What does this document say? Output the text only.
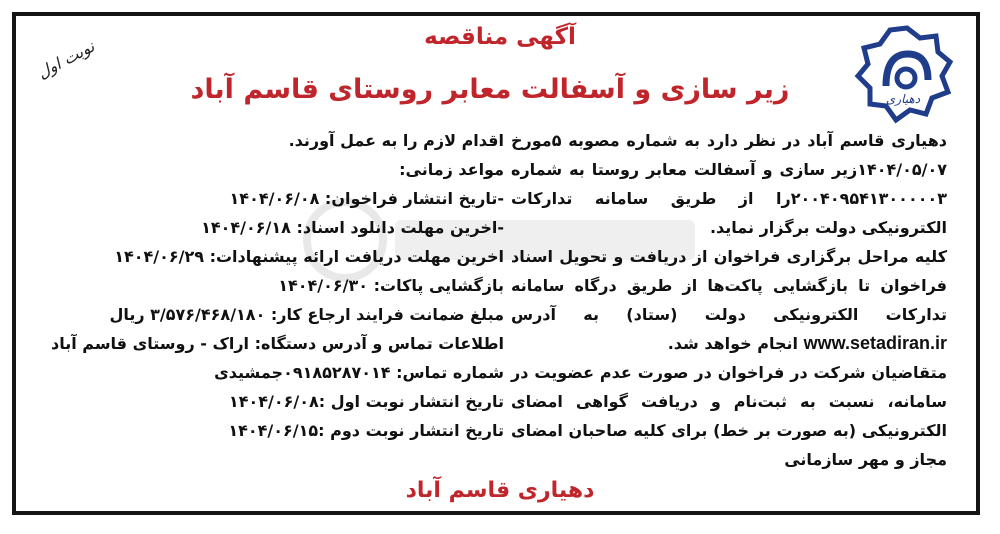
دهیاری
نوبت اول	آگهی مناقصه
زیر سازی و آسفالت معابر روستای قاسم آباد

دهیاری قاسم آباد در نظر دارد به شماره مصوبه ۵مورخ ۱۴۰۴/۰۵/۰۷زیر سازی و آسفالت معابر روستا به شماره ۲۰۰۴۰۹۵۴۱۳۰۰۰۰۰۳را از طریق سامانه تدارکات الکترونیکی دولت برگزار نماید.

کلیه مراحل برگزاری فراخوان از دریافت و تحویل اسناد فراخوان تا بازگشایی پاکت‌ها از طریق درگاه سامانه تدارکات الکترونیکی دولت (ستاد) به آدرس www.setadiran.ir انجام خواهد شد.

متقاضیان شرکت در فراخوان در صورت عدم عضویت در سامانه، نسبت به ثبت‌نام و دریافت گواهی امضای الکترونیکی (به صورت بر خط) برای کلیه صاحبان امضای مجاز و مهر سازمانی

اقدام لازم را به عمل آورند.
مواعد زمانی:
-تاریخ انتشار فراخوان: ۱۴۰۴/۰۶/۰۸
-اخرین مهلت دانلود اسناد: ۱۴۰۴/۰۶/۱۸
اخرین مهلت دریافت ارائه پیشنهادات: ۱۴۰۴/۰۶/۲۹
بازگشایی پاکات: ۱۴۰۴/۰۶/۳۰
مبلغ ضمانت فرایند ارجاع کار: ۳/۵۷۶/۴۶۸/۱۸۰ ریال
اطلاعات تماس و آدرس دستگاه: اراک - روستای قاسم آباد
شماره تماس: ۰۹۱۸۵۲۸۷۰۱۴جمشیدی
تاریخ انتشار نوبت اول :۱۴۰۴/۰۶/۰۸
تاریخ انتشار نوبت دوم :۱۴۰۴/۰۶/۱۵
دهیاری قاسم آباد
